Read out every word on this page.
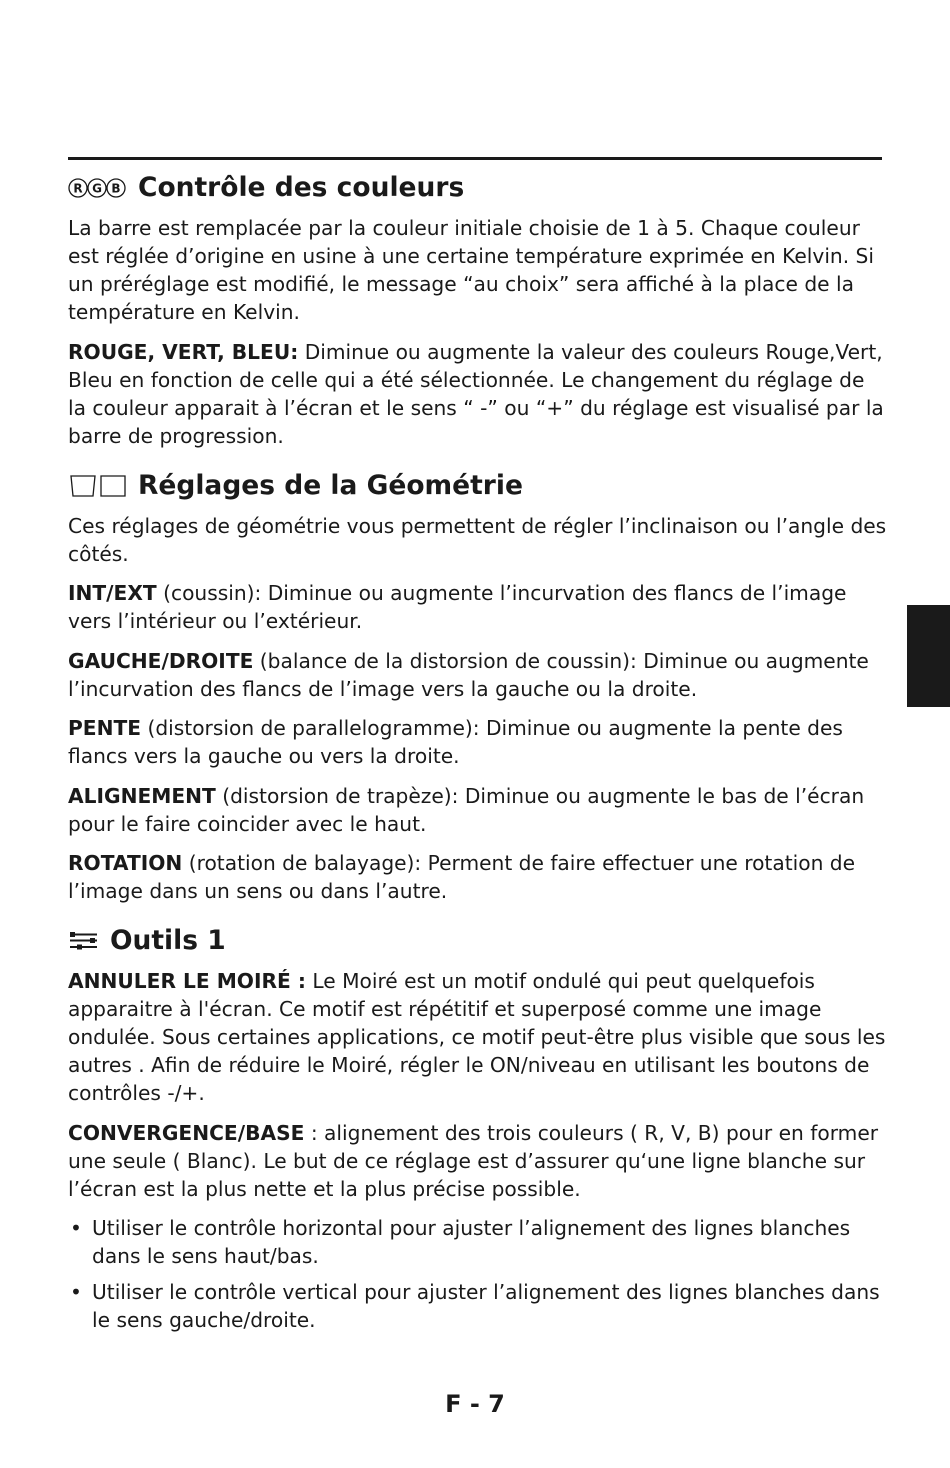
R G B Contrôle des couleurs

La barre est remplacée par la couleur initiale choisie de 1 à 5. Chaque couleur est réglée d’origine en usine à une certaine température exprimée en Kelvin. Si un préréglage est modifié, le message “au choix” sera affiché à la place de la température en Kelvin.

ROUGE, VERT, BLEU: Diminue ou augmente la valeur des couleurs Rouge,Vert, Bleu en fonction de celle qui a été sélectionnée. Le changement du réglage de la couleur apparait à l’écran et le sens “ -” ou “+” du réglage est visualisé par la barre de progression.

Réglages de la Géométrie

Ces réglages de géométrie vous permettent de régler l’inclinaison ou l’angle des côtés.

INT/EXT (coussin): Diminue ou augmente l’incurvation des flancs de l’image vers l’intérieur ou l’extérieur.

GAUCHE/DROITE (balance de la distorsion de coussin): Diminue ou augmente l’incurvation des flancs de l’image vers la gauche ou la droite.

PENTE (distorsion de parallelogramme): Diminue ou augmente la pente des flancs vers la gauche ou vers la droite.

ALIGNEMENT (distorsion de trapèze): Diminue ou augmente le bas de l’écran pour le faire coincider avec le haut.

ROTATION (rotation de balayage): Perment de faire effectuer une rotation de l’image dans un sens ou dans l’autre.

Outils 1

ANNULER LE MOIRÉ : Le Moiré est un motif ondulé qui peut quelquefois apparaitre à l'écran. Ce motif est répétitif et superposé comme une image ondulée. Sous certaines applications, ce motif peut-être plus visible que sous les autres . Afin de réduire le Moiré, régler le ON/niveau en utilisant les boutons de contrôles -/+.

CONVERGENCE/BASE : alignement des trois couleurs ( R, V, B) pour en former une seule ( Blanc). Le but de ce réglage est d’assurer qu‘une ligne blanche sur l’écran est la plus nette et la plus précise possible.

• Utiliser le contrôle horizontal pour ajuster l’alignement des lignes blanches dans le sens haut/bas.
• Utiliser le contrôle vertical pour ajuster l’alignement des lignes blanches dans le sens gauche/droite.
F - 7
